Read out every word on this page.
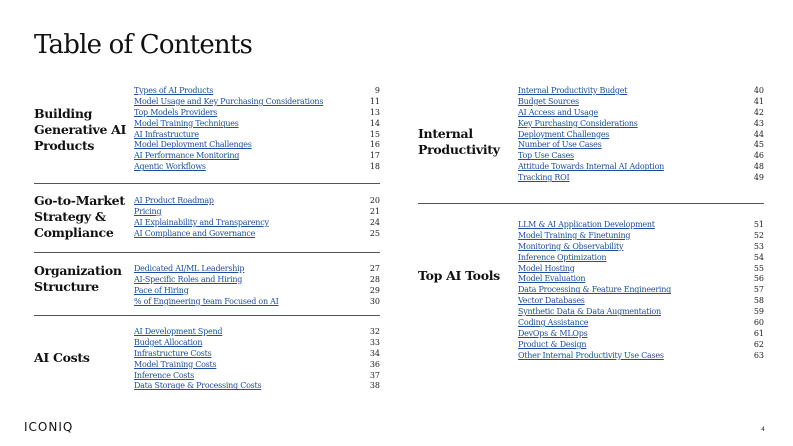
Table of Contents
Building Generative AI Products
Types of AI Products	9
Model Usage and Key Purchasing Considerations	11
Top Models Providers	13
Model Training Techniques	14
AI Infrastructure	15
Model Deployment Challenges	16
AI Performance Monitoring	17
Agentic Workflows	18
Go-to-Market Strategy & Compliance
AI Product Roadmap	20
Pricing	21
AI Explainability and Transparency	24
AI Compliance and Governance	25
Organization Structure
Dedicated AI/ML Leadership	27
AI-Specific Roles and Hiring	28
Pace of Hiring	29
% of Engineering team Focused on AI	30
AI Costs
AI Development Spend	32
Budget Allocation	33
Infrastructure Costs	34
Model Training Costs	36
Inference Costs	37
Data Storage & Processing Costs	38
Internal Productivity
Internal Productivity Budget	40
Budget Sources	41
AI Access and Usage	42
Key Purchasing Considerations	43
Deployment Challenges	44
Number of Use Cases	45
Top Use Cases	46
Attitude Towards Internal AI Adoption	48
Tracking ROI	49
Top AI Tools
LLM & AI Application Development	51
Model Training & Finetuning	52
Monitoring & Observability	53
Inference Optimization	54
Model Hosting	55
Model Evaluation	56
Data Processing & Feature Engineering	57
Vector Databases	58
Synthetic Data & Data Augmentation	59
Coding Assistance	60
DevOps & MLOps	61
Product & Design	62
Other Internal Productivity Use Cases	63
ICONIQ	4
